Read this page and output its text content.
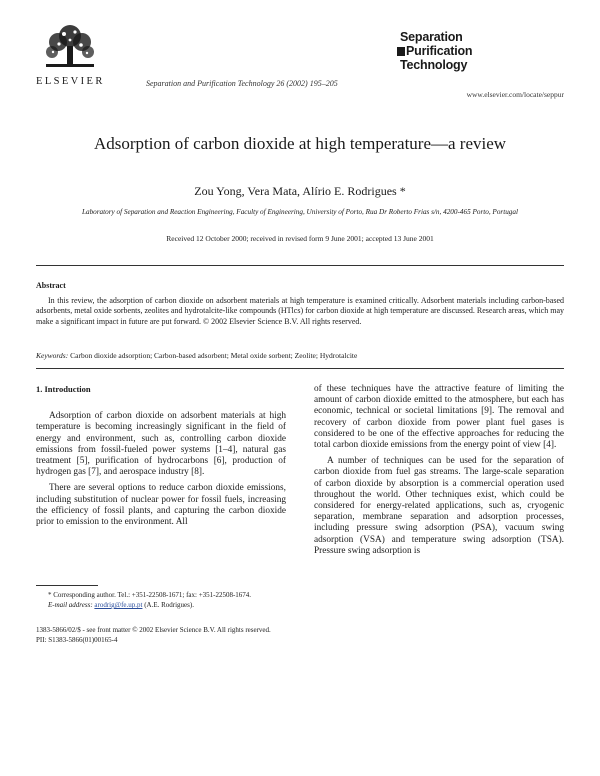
ELSEVIER	Separation and Purification Technology 26 (2002) 195–205
Separation
Purification
Technology
www.elsevier.com/locate/seppur
Adsorption of carbon dioxide at high temperature—a review
Zou Yong, Vera Mata, Alírio E. Rodrigues *
Laboratory of Separation and Reaction Engineering, Faculty of Engineering, University of Porto, Rua Dr Roberto Frias s/n, 4200-465 Porto, Portugal
Received 12 October 2000; received in revised form 9 June 2001; accepted 13 June 2001
Abstract
In this review, the adsorption of carbon dioxide on adsorbent materials at high temperature is examined critically. Adsorbent materials including carbon-based adsorbents, metal oxide sorbents, zeolites and hydrotalcite-like compounds (HTlcs) for carbon dioxide at high temperature are discussed. Research areas, which may make a significant impact in future are put forward. © 2002 Elsevier Science B.V. All rights reserved.
Keywords: Carbon dioxide adsorption; Carbon-based adsorbent; Metal oxide sorbent; Zeolite; Hydrotalcite
1. Introduction

Adsorption of carbon dioxide on adsorbent materials at high temperature is becoming increasingly significant in the field of energy and environment, such as, controlling carbon dioxide emissions from fossil-fueled power systems [1–4], natural gas treatment [5], purification of hydrocarbons [6], production of hydrogen gas [7], and aerospace industry [8].

There are several options to reduce carbon dioxide emissions, including substitution of nuclear power for fossil fuels, increasing the efficiency of fossil plants, and capturing the carbon dioxide prior to emission to the environment. All

of these techniques have the attractive feature of limiting the amount of carbon dioxide emitted to the atmosphere, but each has economic, technical or societal limitations [9]. The removal and recovery of carbon dioxide from power plant fuel gases is considered to be one of the effective approaches for reducing the total carbon dioxide emissions from the energy point of view [4].

A number of techniques can be used for the separation of carbon dioxide from fuel gas streams. The large-scale separation of carbon dioxide by absorption is a commercial operation used throughout the world. Other techniques exist, which could be considered for energy-related applications, such as, cryogenic separation, membrane separation and adsorption processes, including pressure swing adsorption (PSA), vacuum swing adsorption (VSA) and temperature swing adsorption (TSA). Pressure swing adsorption is

* Corresponding author. Tel.: +351-22508-1671; fax: +351-22508-1674.
E-mail address: arodrig@fe.up.pt (A.E. Rodrigues).
1383-5866/02/$ - see front matter © 2002 Elsevier Science B.V. All rights reserved.
PII: S1383-5866(01)00165-4
